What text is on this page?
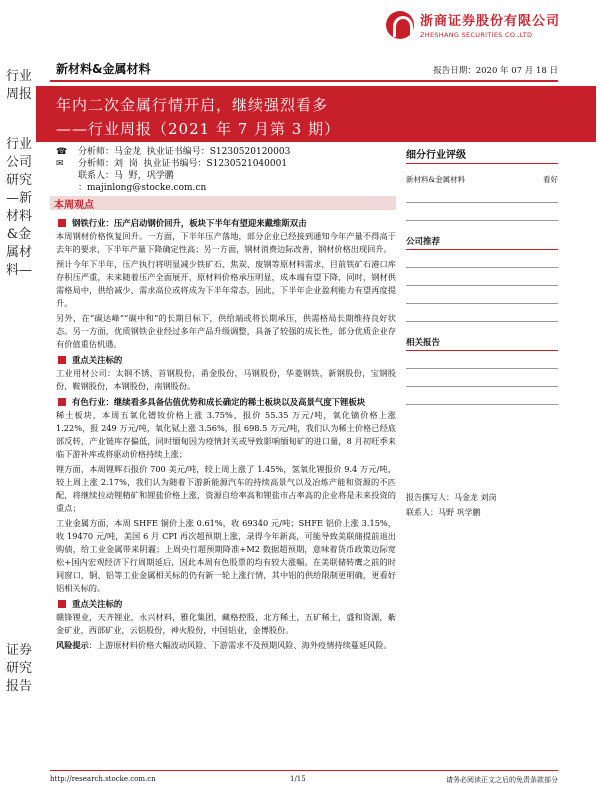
浙商证券股份有限公司
ZHESHANG SECURITIES CO.,LTD
新材料&金属材料	报告日期：2020 年 07 月 18 日
行业周报
行业公司研究—新材料&金属材料—
证券研究报告
年内二次金属行情开启，继续强烈看多
——行业周报（2021 年 7 月第 3 期）
☎	分析师：马金龙  执业证书编号：S1230520120003
✉	分析师：刘  岗  执业证书编号：S1230521040001
联系人：马  野，巩学鹏
：majinlong@stocke.com.cn
本周观点
钢铁行业：压产启动钢价回升，板块下半年有望迎来戴维斯双击

本周钢材价格恢复回升。一方面，下半年压产落地，部分企业已经接到通知今年产量不得高于去年的要求，下半年产量下降确定性高；另一方面，钢材消费边际改善，钢材价格出现回升。

预计今年下半年，压产执行将明显减少铁矿石、焦炭、废钢等原材料需求，目前铁矿石港口库存积压严重，未来随着压产全面展开，原材料价格承压明显，成本端有望下降，同时，钢材供需格局中，供给减少、需求高位或将成为下半年常态，因此，下半年企业盈利能力有望再度提升。

另外，在“碳达峰”“碳中和”的长期目标下，供给端或将长期承压，供需格局长期维持良好状态。另一方面，优质钢铁企业经过多年产品升级调整，具备了较强的成长性，部分优质企业存有价值重估机遇。

重点关注标的

工业用材公司：太钢不锈，首钢股份，甬金股份，马钢股份，华菱钢铁，新钢股份，宝钢股份，鞍钢股份，本钢股份，南钢股份。

有色行业：继续看多具备估值优势和成长确定的稀土板块以及高景气度下锂板块

稀土板块，本周五氧化镨钕价格上涨 3.75%，报价 55.35 万元/吨，氧化镝价格上涨 1.22%，报 249 万元/吨，氧化铽上涨 3.56%，报 698.5 万元/吨，我们认为稀土价格已经底部反转，产业链库存偏低，同时缅甸因为疫情封关或导致影响缅甸矿的进口量，8 月初旺季来临下游补库或将驱动价格持续上涨；

锂方面，本周锂辉石报价 700 美元/吨，较上周上涨了 1.45%，氢氧化锂报价 9.4 万元/吨，较上周上涨 2.17%，我们认为随着下游新能源汽车的持续高景气以及冶炼产能和资源的不匹配，将继续拉动锂精矿和锂盐价格上涨，资源自给率高和锂盐市占率高的企业将是未来投资的重点；

工业金属方面，本周 SHFE 铜价上涨 0.61%，收 69340 元/吨；SHFE 铝价上涨 3.15%，收 19470 元/吨，美国 6 月 CPI 再次超预期上涨，录得今年新高，可能导致美联储提前退出购债，给工业金属带来阴霾；上周央行超预期降准+M2 数据超预期，意味着货币政策边际宽松+国内宏观经济下行周期延后，因此本周有色股票的均有较大涨幅。在美联储转鹰之前的时间窗口，铜、铝等工业金属相关标的仍有新一轮上涨行情，其中铝的供给限制更明确，更看好铝相关标的。

重点关注标的

赣锋锂业，天齐锂业，永兴材料，雅化集团，藏格控股，北方稀土，五矿稀土，盛和资源，紫金矿业，西部矿业，云铝股份，神火股份，中国铝业，金博股份。

风险提示：上游原材料价格大幅波动风险、下游需求不及预期风险、海外疫情持续蔓延风险。

细分行业评级
新材料&金属材料	看好
公司推荐
相关报告
报告撰写人：马金龙 刘岗
联系人：马野 巩学鹏
http://research.stocke.com.cn	1/15	请务必阅读正文之后的免责条款部分
